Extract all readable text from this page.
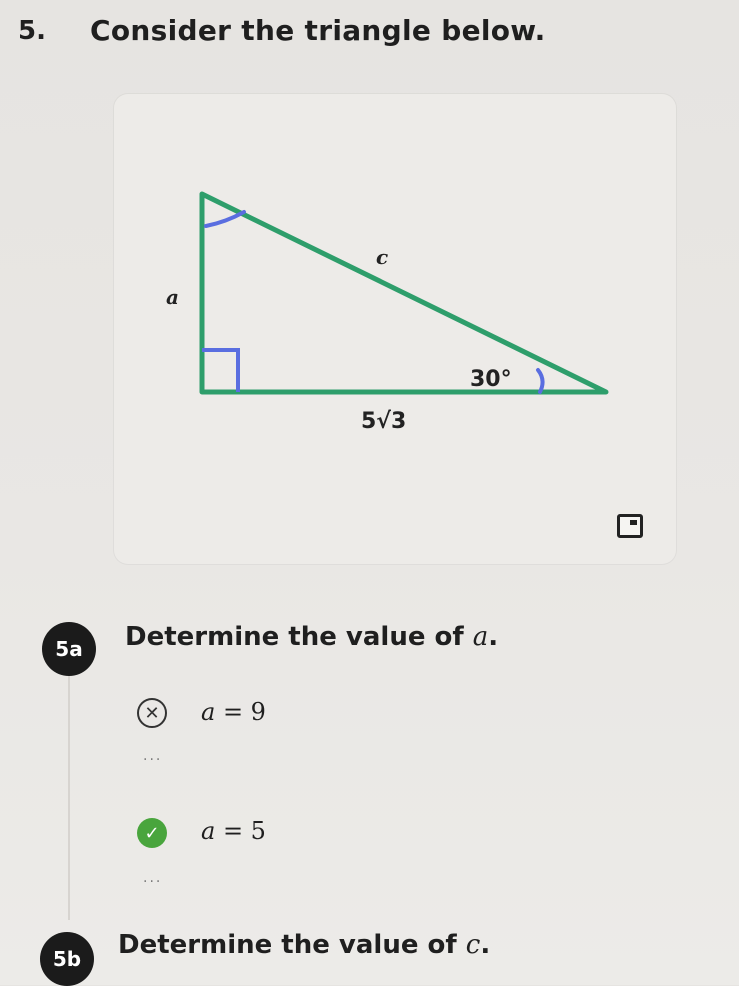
5. Consider the triangle below.
c
a
30°
5√3
5a	Determine the value of a.
✕	a = 9
···
✓	a = 5
···
5b	Determine the value of c.
